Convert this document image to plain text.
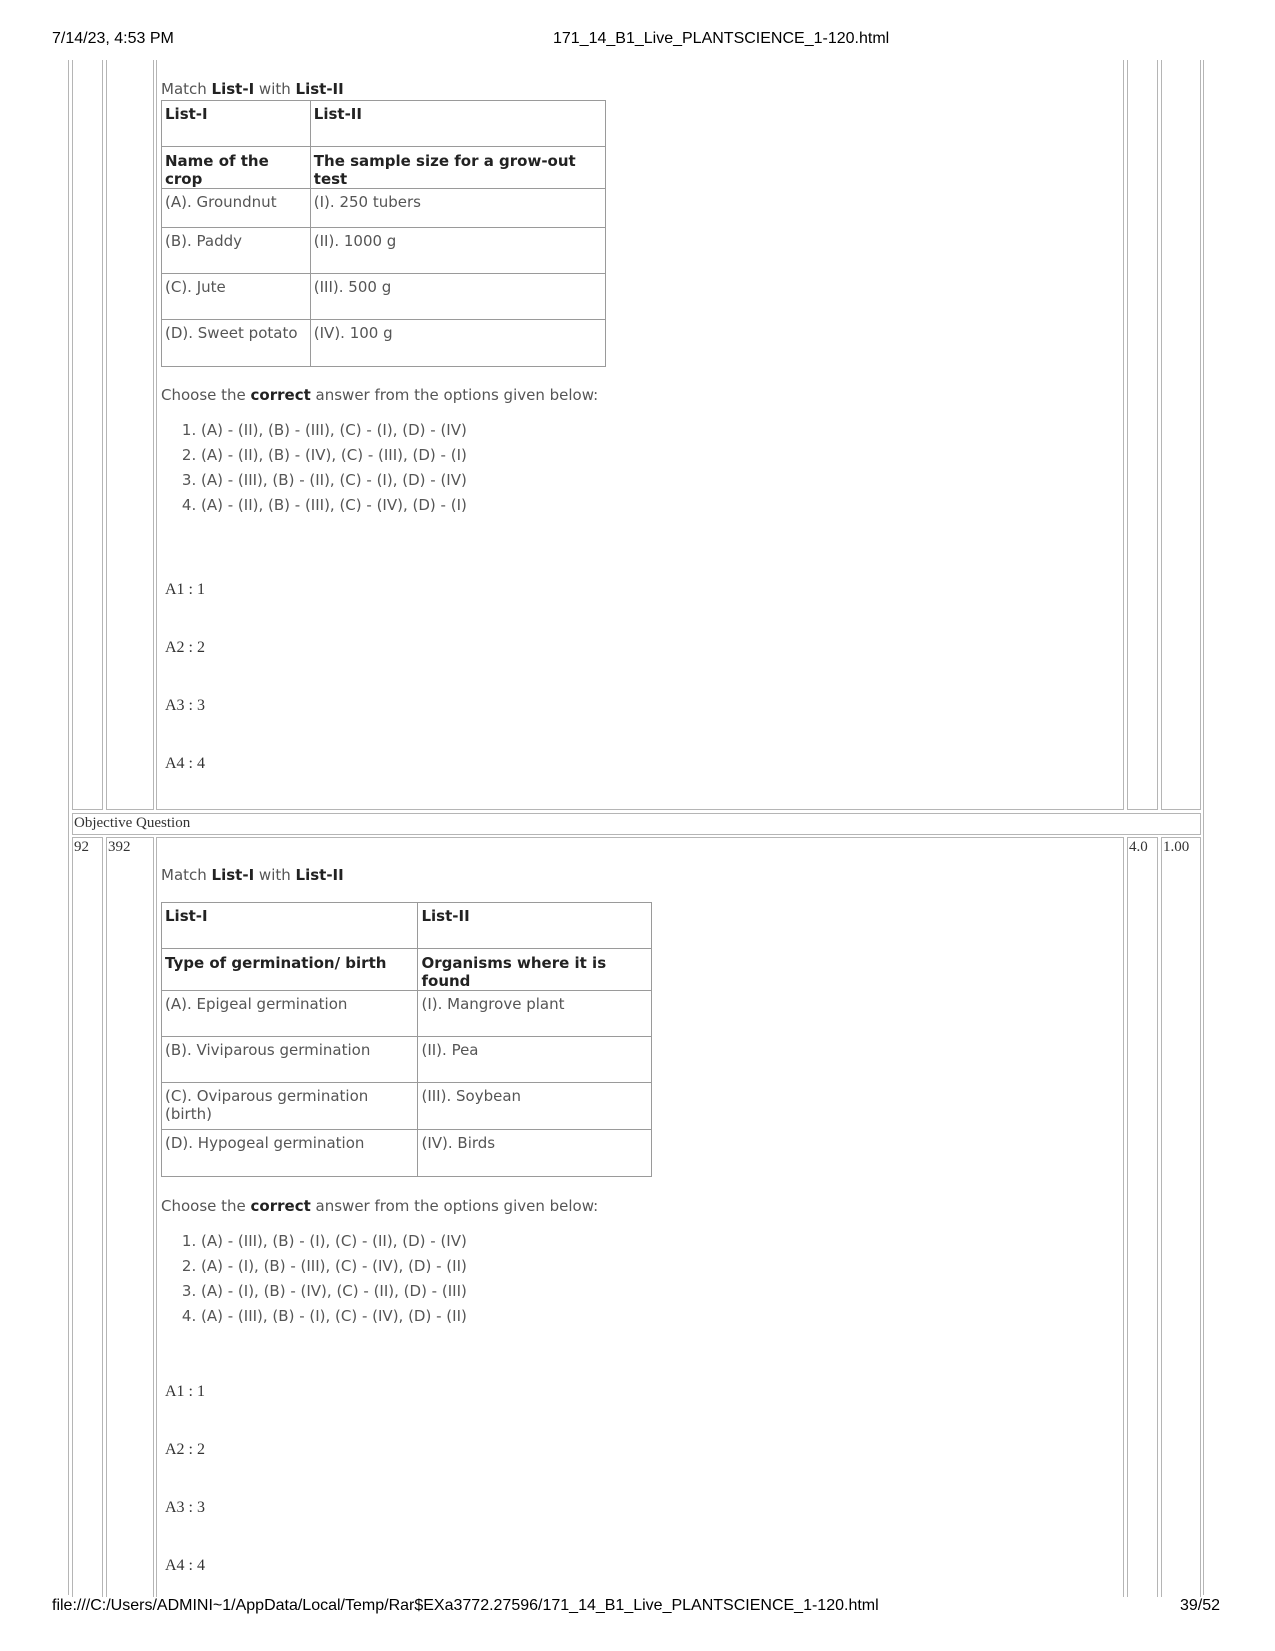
7/14/23, 4:53 PM	171_14_B1_Live_PLANTSCIENCE_1-120.html

Match List-I with List-II

List-I	List-II
Name of the crop	The sample size for a grow-out test
(A). Groundnut	(I). 250 tubers
(B). Paddy	(II). 1000 g
(C). Jute	(III). 500 g
(D). Sweet potato	(IV). 100 g

Choose the correct answer from the options given below:

1. (A) - (II), (B) - (III), (C) - (I), (D) - (IV)
2. (A) - (II), (B) - (IV), (C) - (III), (D) - (I)
3. (A) - (III), (B) - (II), (C) - (I), (D) - (IV)
4. (A) - (II), (B) - (III), (C) - (IV), (D) - (I)
A1 : 1
A2 : 2
A3 : 3
A4 : 4
Objective Question
92 392	4.0 1.00

Match List-I with List-II

List-I	List-II
Type of germination/ birth	Organisms where it is found
(A). Epigeal germination	(I). Mangrove plant
(B). Viviparous germination	(II). Pea
(C). Oviparous germination (birth)	(III). Soybean
(D). Hypogeal germination	(IV). Birds

Choose the correct answer from the options given below:

1. (A) - (III), (B) - (I), (C) - (II), (D) - (IV)
2. (A) - (I), (B) - (III), (C) - (IV), (D) - (II)
3. (A) - (I), (B) - (IV), (C) - (II), (D) - (III)
4. (A) - (III), (B) - (I), (C) - (IV), (D) - (II)
A1 : 1
A2 : 2
A3 : 3
A4 : 4
file:///C:/Users/ADMINI~1/AppData/Local/Temp/Rar$EXa3772.27596/171_14_B1_Live_PLANTSCIENCE_1-120.html	39/52
